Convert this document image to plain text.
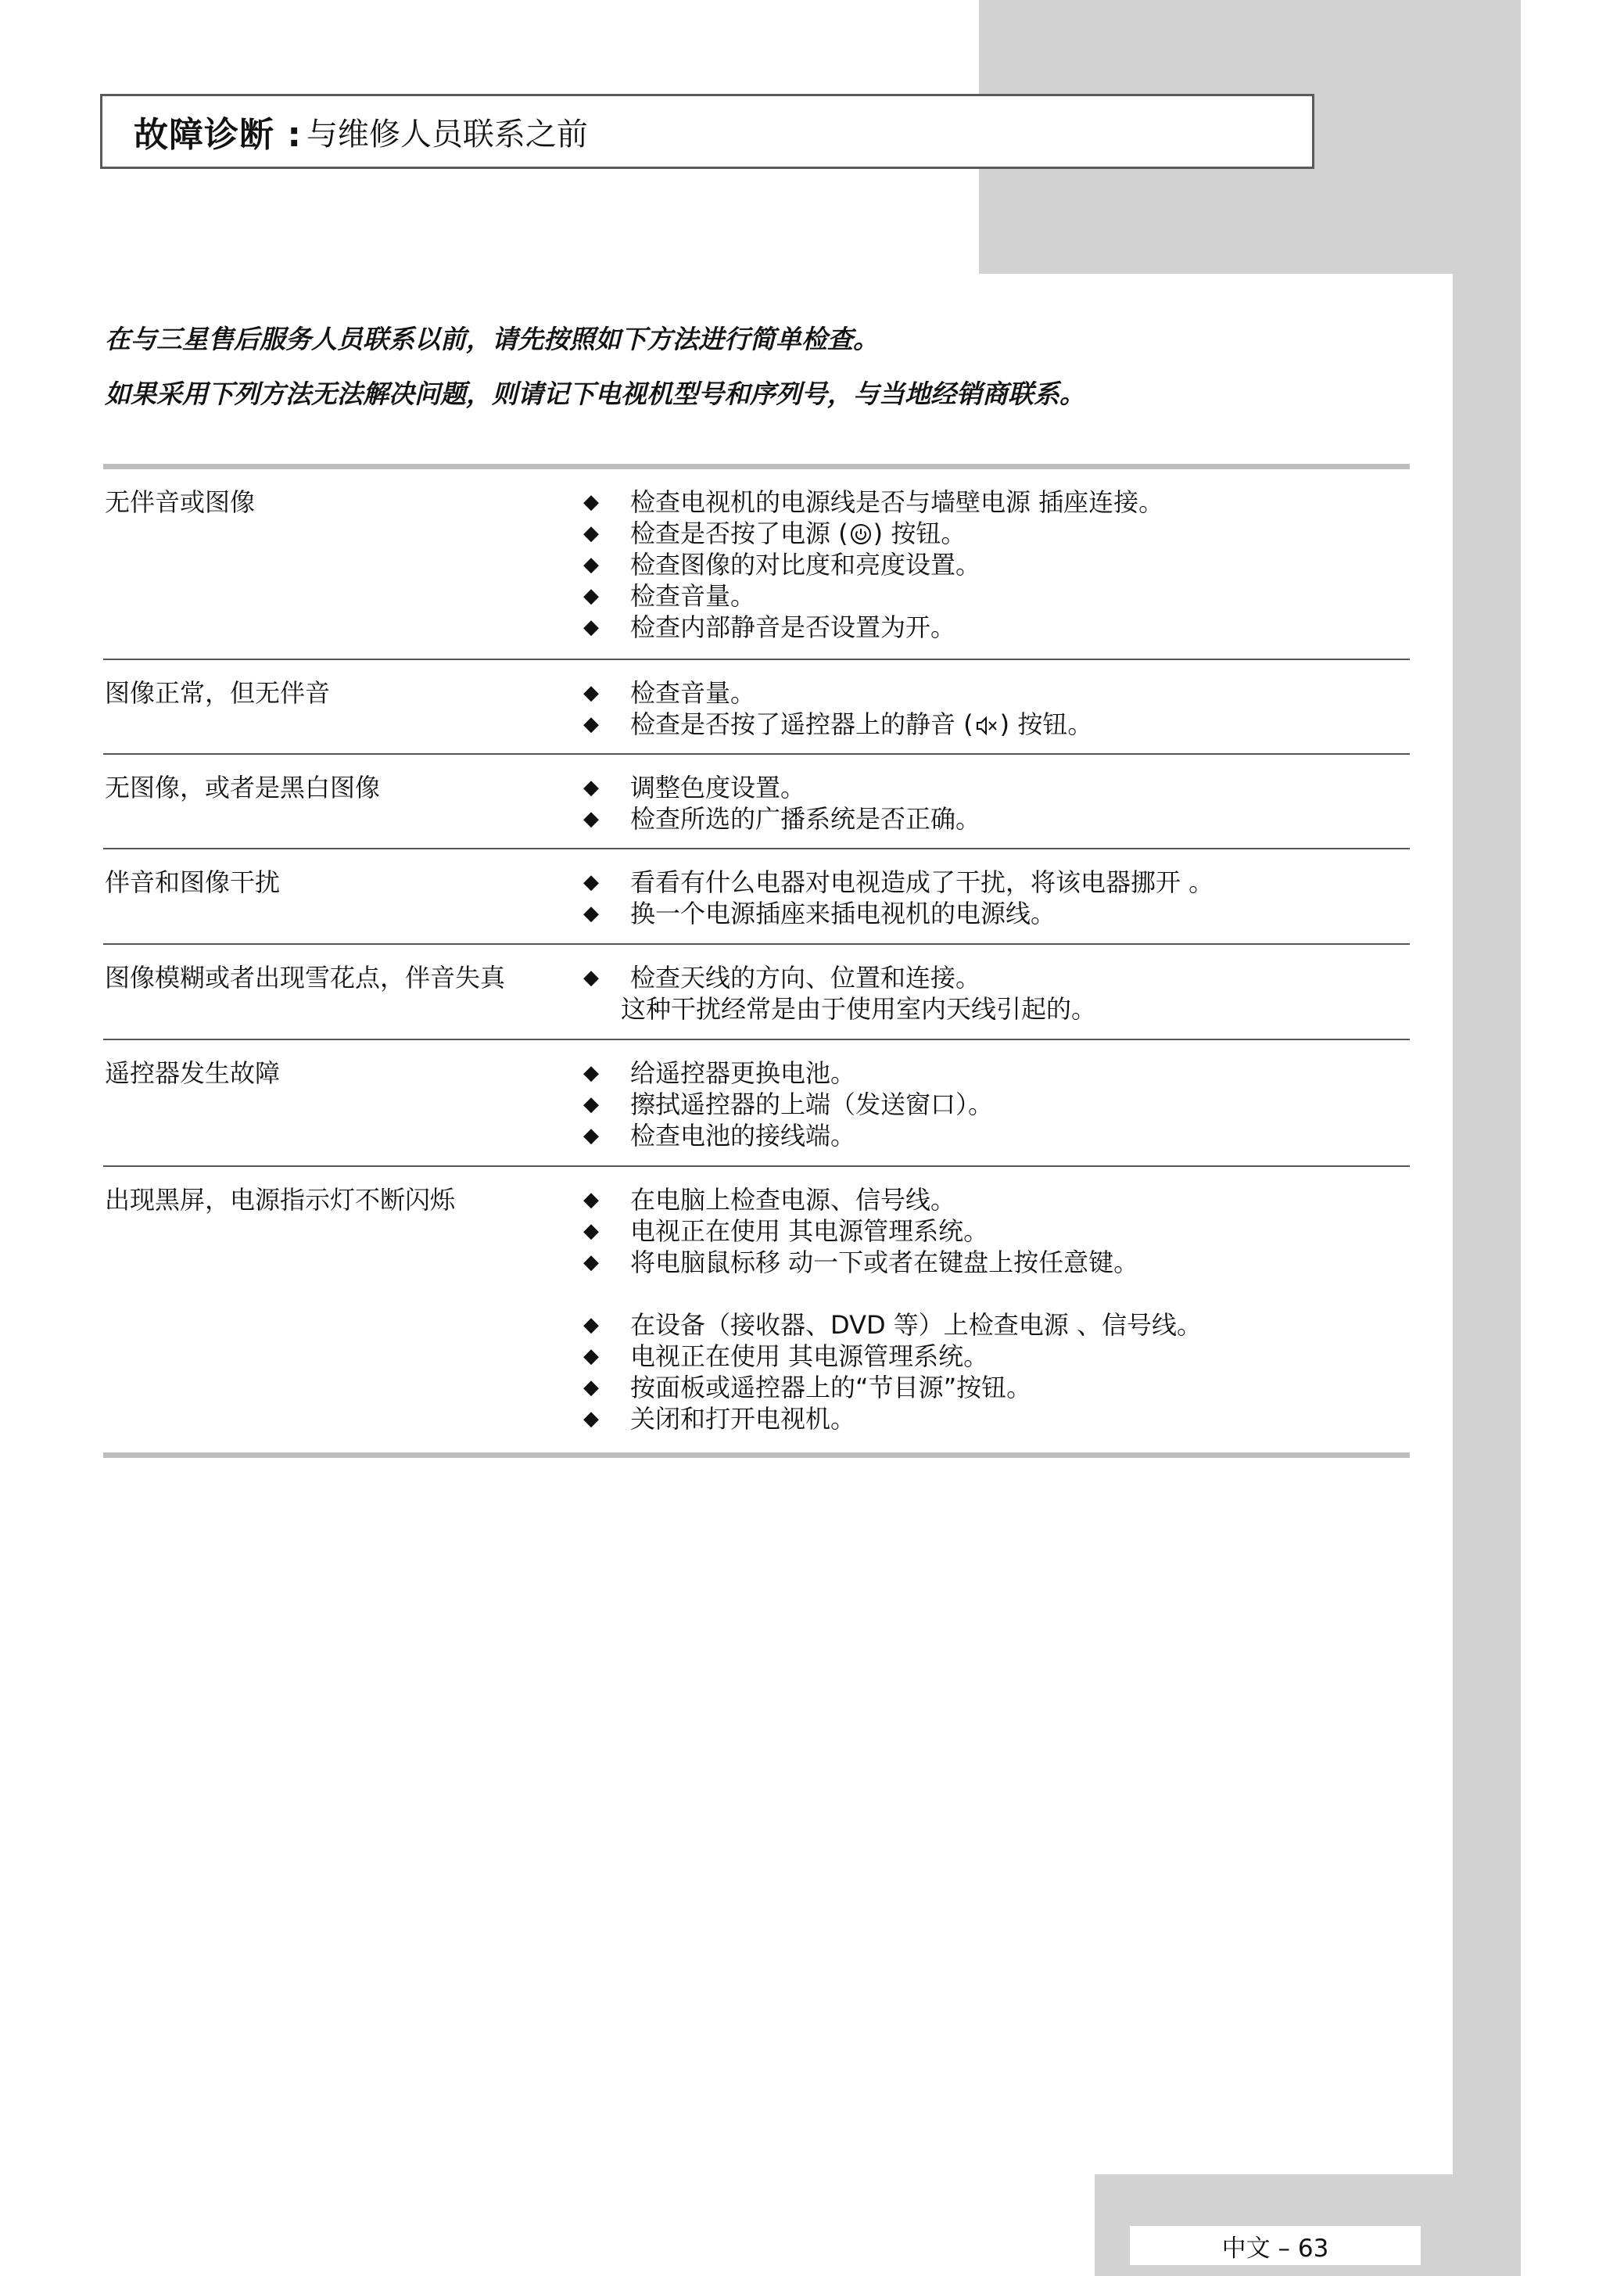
故障诊断 : 与维修人员联系之前
在与三星售后服务人员联系以前，请先按照如下方法进行简单检查。
如果采用下列方法无法解决问题，则请记下电视机型号和序列号，与当地经销商联系。
无伴音或图像	◆	检查电视机的电源线是否与墙壁电源 插座连接。
◆	检查是否按了电源 ( ) 按钮。
◆	检查图像的对比度和亮度设置。
◆	检查音量。
◆	检查内部静音是否设置为开。
图像正常，但无伴音	◆	检查音量。
◆	检查是否按了遥控器上的静音 ( ) 按钮。
无图像，或者是黑白图像	◆	调整色度设置。
◆	检查所选的广播系统是否正确。
伴音和图像干扰	◆	看看有什么电器对电视造成了干扰，将该电器挪开 。
◆	换一个电源插座来插电视机的电源线。
图像模糊或者出现雪花点，伴音失真	◆	检查天线的方向、位置和连接。
这种干扰经常是由于使用室内天线引起的。
遥控器发生故障	◆	给遥控器更换电池。
◆	擦拭遥控器的上端（发送窗口）。
◆	检查电池的接线端。
出现黑屏，电源指示灯不断闪烁	◆	在电脑上检查电源、信号线。
◆	电视正在使用 其电源管理系统。
◆	将电脑鼠标移 动一下或者在键盘上按任意键。
◆	在设备（接收器、DVD 等）上检查电源 、信号线。
◆	电视正在使用 其电源管理系统。
◆	按面板或遥控器上的“节目源”按钮。
◆	关闭和打开电视机。
中文 – 63
